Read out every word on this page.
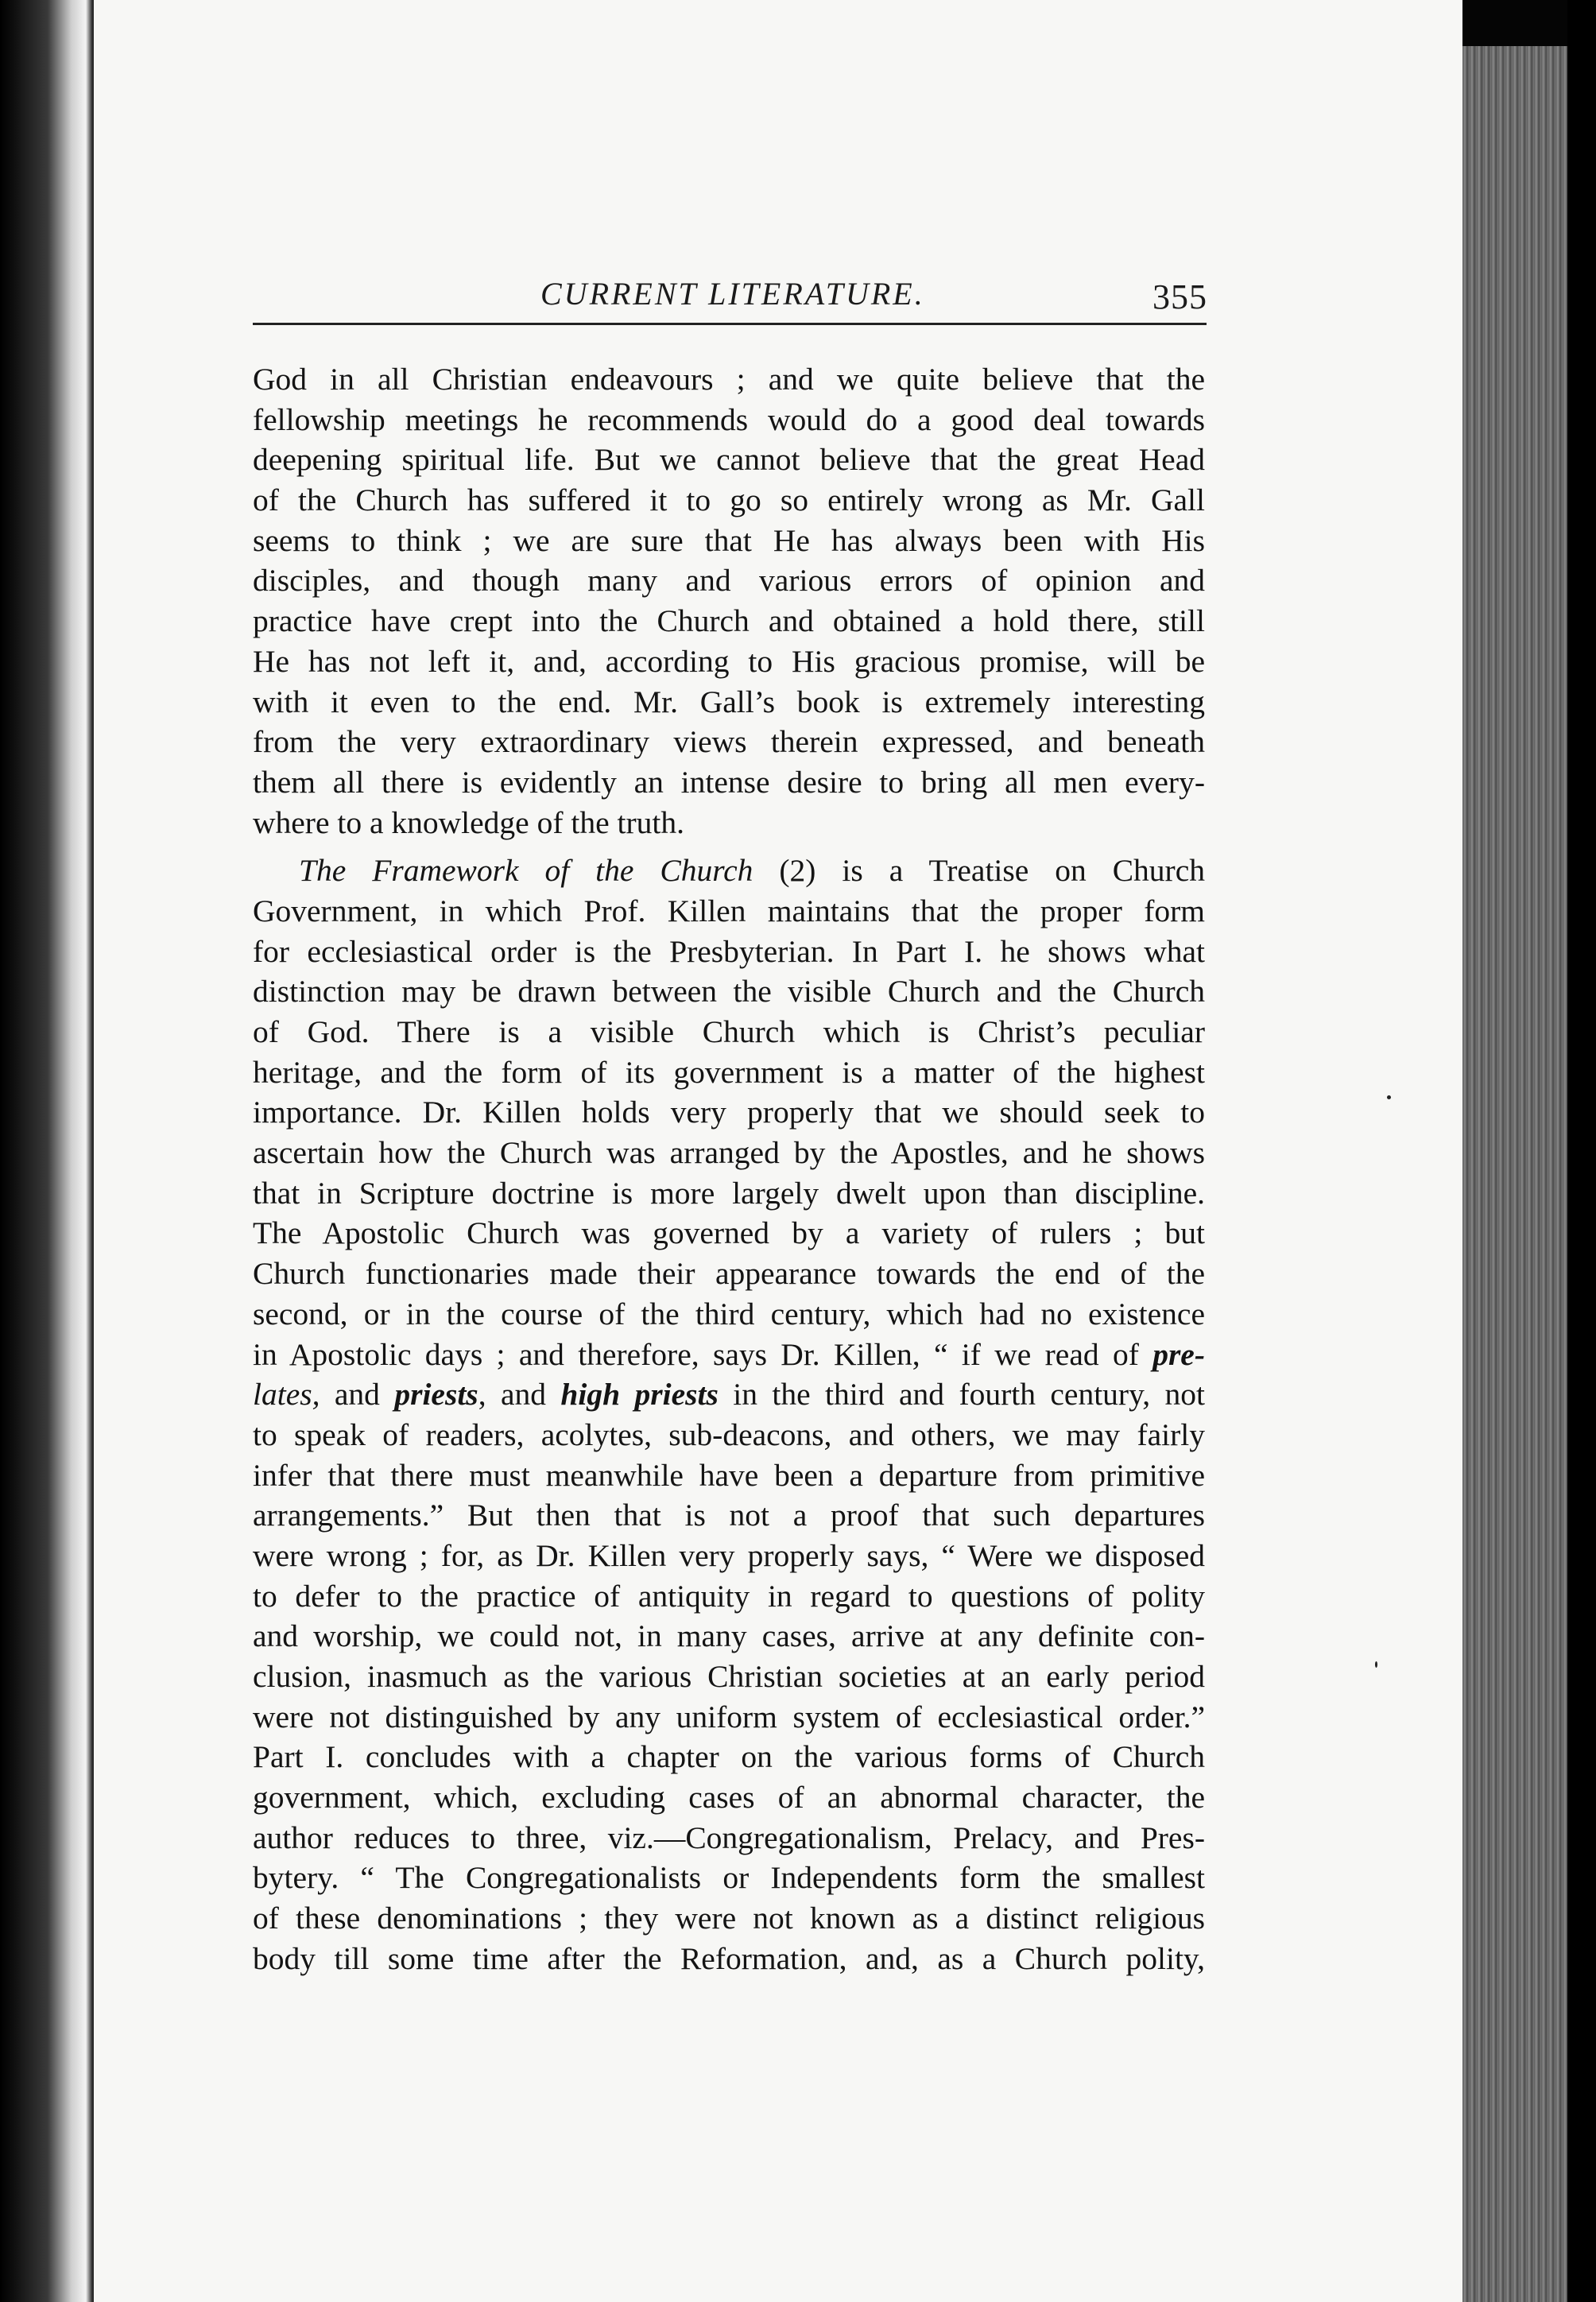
CURRENT LITERATURE.	355
God in all Christian endeavours ; and we quite believe that the
fellowship meetings he recommends would do a good deal towards
deepening spiritual life. But we cannot believe that the great Head
of the Church has suffered it to go so entirely wrong as Mr. Gall
seems to think ; we are sure that He has always been with His
disciples, and though many and various errors of opinion and
practice have crept into the Church and obtained a hold there, still
He has not left it, and, according to His gracious promise, will be
with it even to the end. Mr. Gall’s book is extremely interesting
from the very extraordinary views therein expressed, and beneath
them all there is evidently an intense desire to bring all men every-
where to a knowledge of the truth.
The Framework of the Church (2) is a Treatise on Church
Government, in which Prof. Killen maintains that the proper form
for ecclesiastical order is the Presbyterian. In Part I. he shows what
distinction may be drawn between the visible Church and the Church
of God. There is a visible Church which is Christ’s peculiar
heritage, and the form of its government is a matter of the highest
importance. Dr. Killen holds very properly that we should seek to
ascertain how the Church was arranged by the Apostles, and he shows
that in Scripture doctrine is more largely dwelt upon than discipline.
The Apostolic Church was governed by a variety of rulers ; but
Church functionaries made their appearance towards the end of the
second, or in the course of the third century, which had no existence
in Apostolic days ; and therefore, says Dr. Killen, “ if we read of pre-
lates, and priests, and high priests in the third and fourth century, not
to speak of readers, acolytes, sub-deacons, and others, we may fairly
infer that there must meanwhile have been a departure from primitive
arrangements.” But then that is not a proof that such departures
were wrong ; for, as Dr. Killen very properly says, “ Were we disposed
to defer to the practice of antiquity in regard to questions of polity
and worship, we could not, in many cases, arrive at any definite con-
clusion, inasmuch as the various Christian societies at an early period
were not distinguished by any uniform system of ecclesiastical order.”
Part I. concludes with a chapter on the various forms of Church
government, which, excluding cases of an abnormal character, the
author reduces to three, viz.—Congregationalism, Prelacy, and Pres-
bytery. “ The Congregationalists or Independents form the smallest
of these denominations ; they were not known as a distinct religious
body till some time after the Reformation, and, as a Church polity,
